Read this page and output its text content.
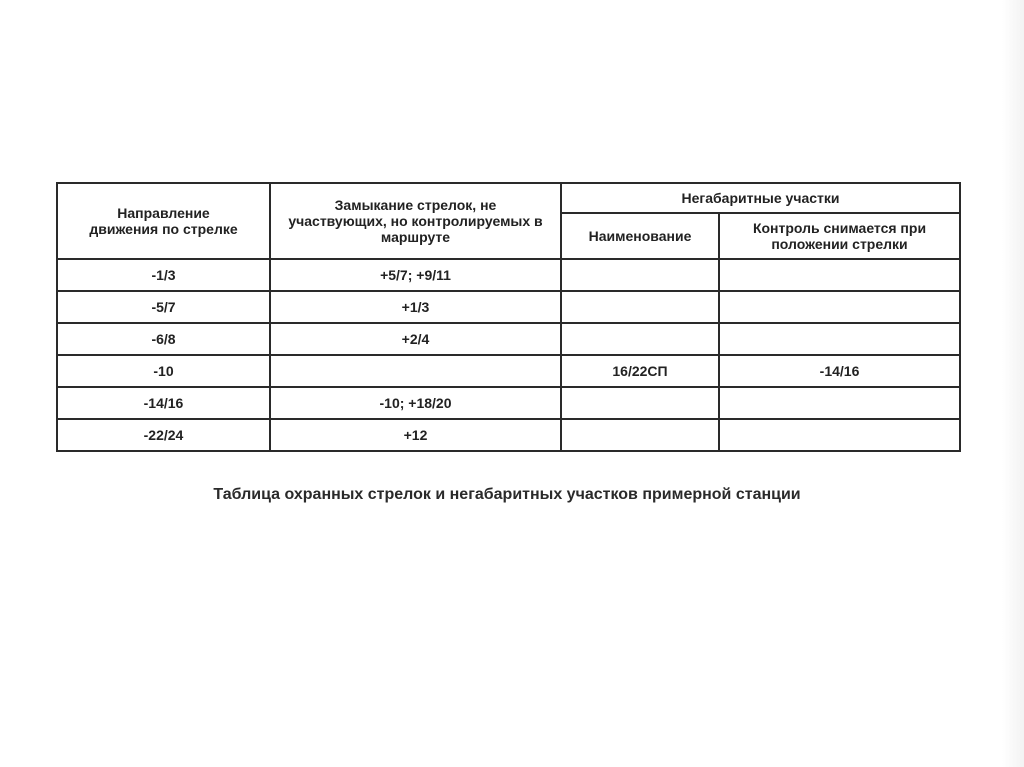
Направление движения по стрелке	Замыкание стрелок, не участвующих, но контролируемых в маршруте	Негабаритные участки	
		Наименование	Контроль снимается при положении стрелки
-1/3	+5/7; +9/11		
-5/7	+1/3		
-6/8	+2/4		
-10		16/22СП	-14/16
-14/16	-10; +18/20		
-22/24	+12		
Таблица охранных стрелок и негабаритных участков примерной станции
